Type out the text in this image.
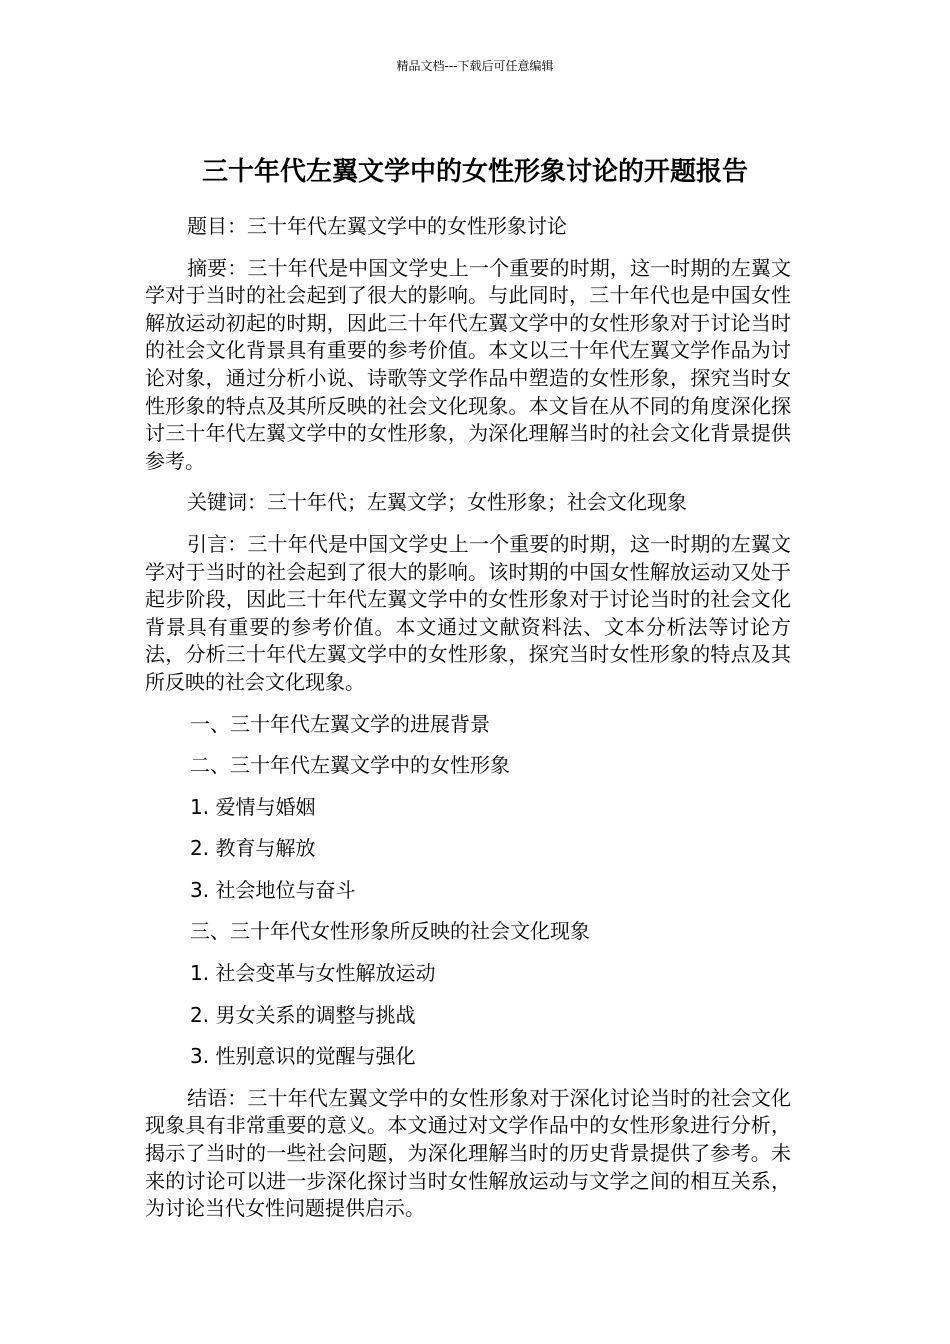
精品文档---下载后可任意编辑
三十年代左翼文学中的女性形象讨论的开题报告

题目：三十年代左翼文学中的女性形象讨论

摘要：三十年代是中国文学史上一个重要的时期，这一时期的左翼文学对于当时的社会起到了很大的影响。与此同时，三十年代也是中国女性解放运动初起的时期，因此三十年代左翼文学中的女性形象对于讨论当时的社会文化背景具有重要的参考价值。本文以三十年代左翼文学作品为讨论对象，通过分析小说、诗歌等文学作品中塑造的女性形象，探究当时女性形象的特点及其所反映的社会文化现象。本文旨在从不同的角度深化探讨三十年代左翼文学中的女性形象，为深化理解当时的社会文化背景提供参考。

关键词：三十年代；左翼文学；女性形象；社会文化现象

引言：三十年代是中国文学史上一个重要的时期，这一时期的左翼文学对于当时的社会起到了很大的影响。该时期的中国女性解放运动又处于起步阶段，因此三十年代左翼文学中的女性形象对于讨论当时的社会文化背景具有重要的参考价值。本文通过文献资料法、文本分析法等讨论方法，分析三十年代左翼文学中的女性形象，探究当时女性形象的特点及其所反映的社会文化现象。

一、三十年代左翼文学的进展背景

二、三十年代左翼文学中的女性形象

1. 爱情与婚姻

2. 教育与解放

3. 社会地位与奋斗

三、三十年代女性形象所反映的社会文化现象

1. 社会变革与女性解放运动

2. 男女关系的调整与挑战

3. 性别意识的觉醒与强化

结语：三十年代左翼文学中的女性形象对于深化讨论当时的社会文化现象具有非常重要的意义。本文通过对文学作品中的女性形象进行分析，揭示了当时的一些社会问题，为深化理解当时的历史背景提供了参考。未来的讨论可以进一步深化探讨当时女性解放运动与文学之间的相互关系，为讨论当代女性问题提供启示。
